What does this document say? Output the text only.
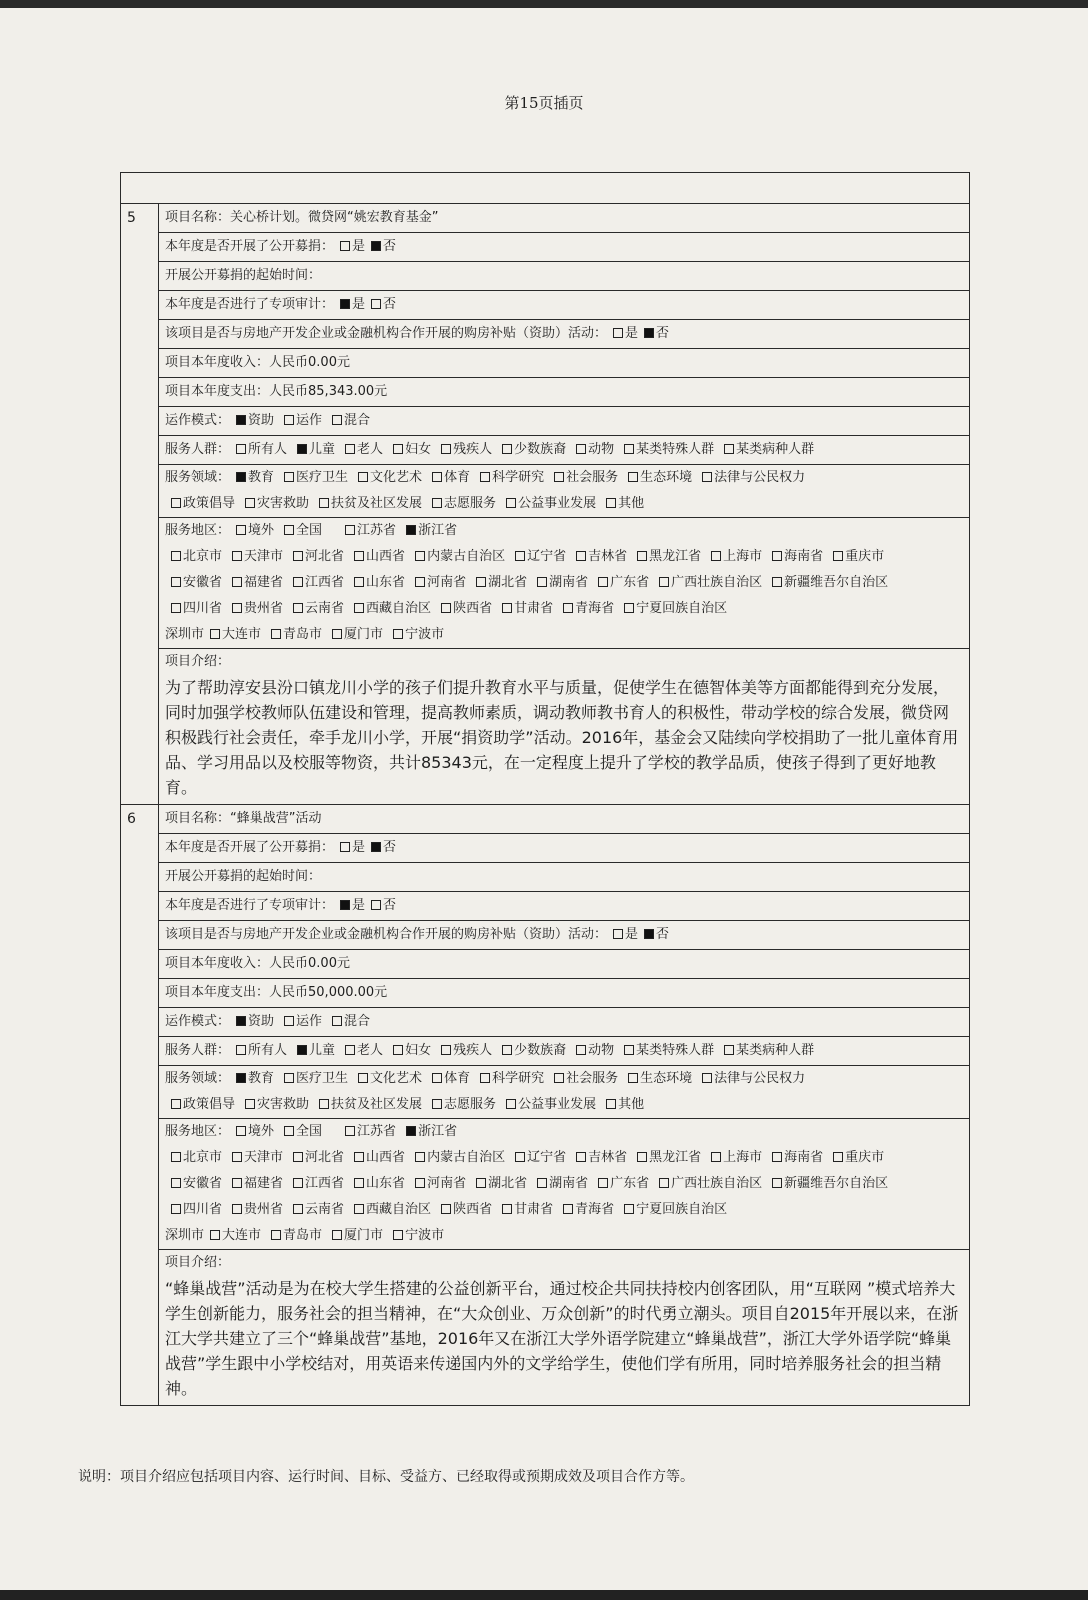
第15页插页
5	项目名称：关心桥计划。微贷网“姚宏教育基金”
本年度是否开展了公开募捐： 是 否
开展公开募捐的起始时间：
本年度是否进行了专项审计： 是 否
该项目是否与房地产开发企业或金融机构合作开展的购房补贴（资助）活动： 是 否
项目本年度收入：人民币0.00元
项目本年度支出：人民币85,343.00元
运作模式： 资助 运作 混合
服务人群： 所有人 儿童 老人 妇女 残疾人 少数族裔 动物 某类特殊人群 某类病种人群
服务领域： 教育 医疗卫生 文化艺术 体育 科学研究 社会服务 生态环境 法律与公民权力
政策倡导 灾害救助 扶贫及社区发展 志愿服务 公益事业发展 其他
服务地区： 境外 全国 	江苏省 浙江省
北京市 天津市 河北省 山西省 内蒙古自治区 辽宁省 吉林省 黑龙江省 上海市 海南省 重庆市
安徽省 福建省 江西省 山东省 河南省 湖北省 湖南省 广东省 广西壮族自治区 新疆维吾尔自治区
四川省 贵州省 云南省 西藏自治区 陕西省 甘肃省 青海省 宁夏回族自治区
深圳市 大连市 青岛市 厦门市 宁波市
项目介绍：
为了帮助淳安县汾口镇龙川小学的孩子们提升教育水平与质量，促使学生在德智体美等方面都能得到充分发展，同时加强学校教师队伍建设和管理，提高教师素质，调动教师教书育人的积极性，带动学校的综合发展，微贷网积极践行社会责任，牵手龙川小学，开展“捐资助学”活动。2016年，基金会又陆续向学校捐助了一批儿童体育用品、学习用品以及校服等物资，共计85343元，在一定程度上提升了学校的教学品质，使孩子得到了更好地教育。
6	项目名称：“蜂巢战营”活动
本年度是否开展了公开募捐： 是 否
开展公开募捐的起始时间：
本年度是否进行了专项审计： 是 否
该项目是否与房地产开发企业或金融机构合作开展的购房补贴（资助）活动： 是 否
项目本年度收入：人民币0.00元
项目本年度支出：人民币50,000.00元
运作模式： 资助 运作 混合
服务人群： 所有人 儿童 老人 妇女 残疾人 少数族裔 动物 某类特殊人群 某类病种人群
服务领域： 教育 医疗卫生 文化艺术 体育 科学研究 社会服务 生态环境 法律与公民权力
政策倡导 灾害救助 扶贫及社区发展 志愿服务 公益事业发展 其他
服务地区： 境外 全国 	江苏省 浙江省
北京市 天津市 河北省 山西省 内蒙古自治区 辽宁省 吉林省 黑龙江省 上海市 海南省 重庆市
安徽省 福建省 江西省 山东省 河南省 湖北省 湖南省 广东省 广西壮族自治区 新疆维吾尔自治区
四川省 贵州省 云南省 西藏自治区 陕西省 甘肃省 青海省 宁夏回族自治区
深圳市 大连市 青岛市 厦门市 宁波市
项目介绍：
“蜂巢战营”活动是为在校大学生搭建的公益创新平台，通过校企共同扶持校内创客团队，用“互联网 ”模式培养大学生创新能力，服务社会的担当精神，在“大众创业、万众创新”的时代勇立潮头。项目自2015年开展以来，在浙江大学共建立了三个“蜂巢战营”基地，2016年又在浙江大学外语学院建立“蜂巢战营”，浙江大学外语学院“蜂巢战营”学生跟中小学校结对，用英语来传递国内外的文学给学生，使他们学有所用，同时培养服务社会的担当精神。
说明：项目介绍应包括项目内容、运行时间、目标、受益方、已经取得或预期成效及项目合作方等。
